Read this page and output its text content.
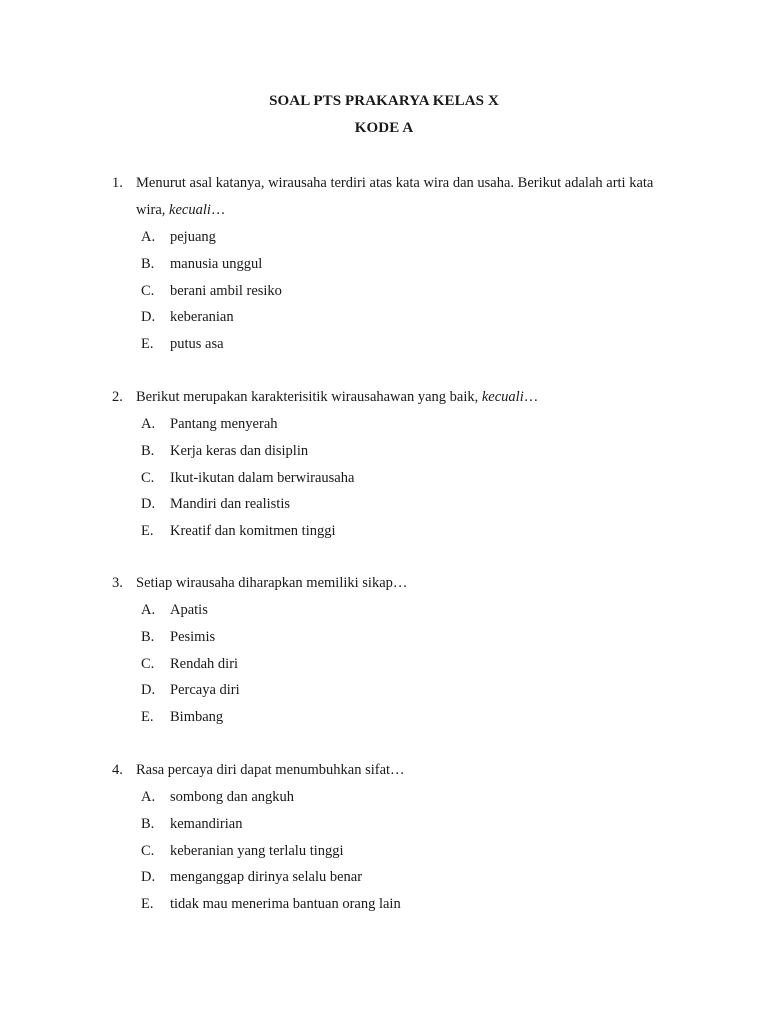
SOAL PTS PRAKARYA KELAS X
KODE A
1. Menurut asal katanya, wirausaha terdiri atas kata wira dan usaha. Berikut adalah arti kata wira, kecuali…
A.	pejuang
B.	manusia unggul
C.	berani ambil resiko
D.	keberanian
E.	putus asa
2. Berikut merupakan karakterisitik wirausahawan yang baik, kecuali…
A.	Pantang menyerah
B.	Kerja keras dan disiplin
C.	Ikut-ikutan dalam berwirausaha
D.	Mandiri dan realistis
E.	Kreatif dan komitmen tinggi
3. Setiap wirausaha diharapkan memiliki sikap…
A.	Apatis
B.	Pesimis
C.	Rendah diri
D.	Percaya diri
E.	Bimbang
4. Rasa percaya diri dapat menumbuhkan sifat…
A.	sombong dan angkuh
B.	kemandirian
C.	keberanian yang terlalu tinggi
D.	menganggap dirinya selalu benar
E.	tidak mau menerima bantuan orang lain
